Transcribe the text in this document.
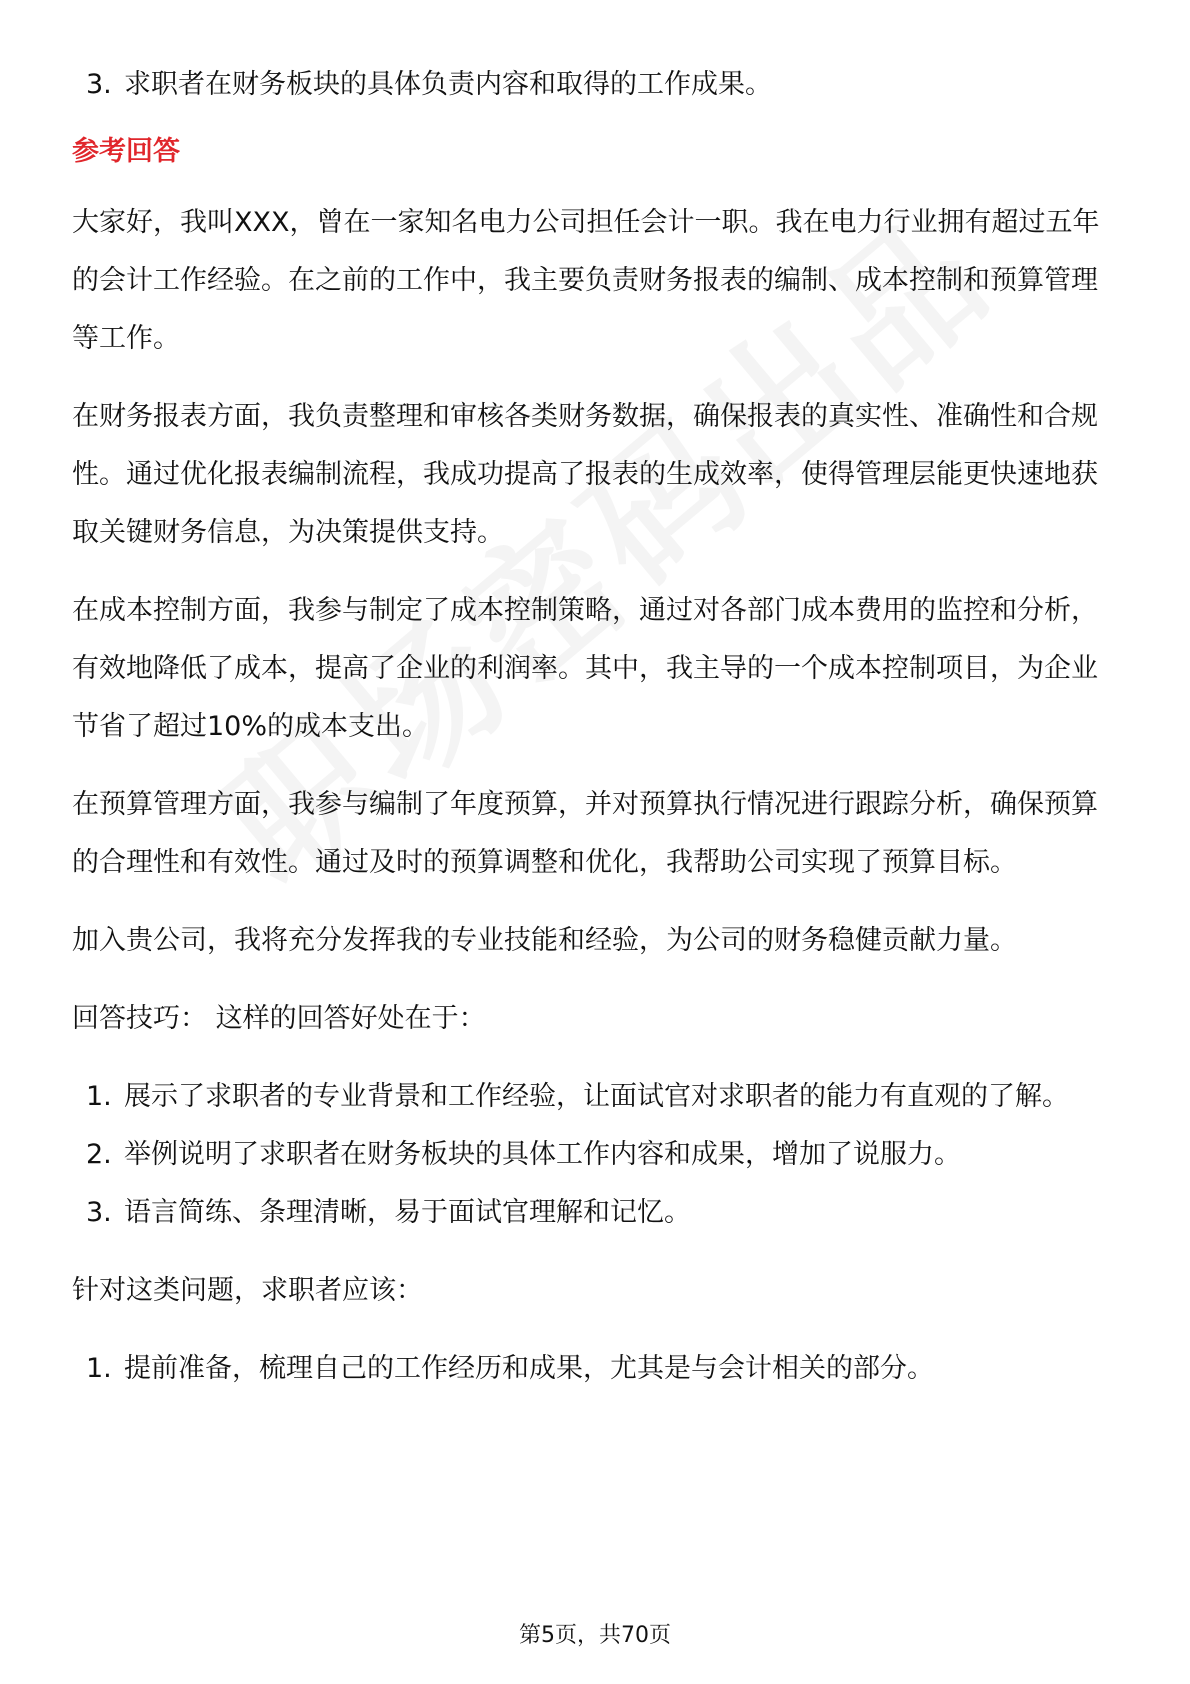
3. 求职者在财务板块的具体负责内容和取得的工作成果。
参考回答

大家好，我叫XXX，曾在一家知名电力公司担任会计一职。我在电力行业拥有超过五年的会计工作经验。在之前的工作中，我主要负责财务报表的编制、成本控制和预算管理等工作。

在财务报表方面，我负责整理和审核各类财务数据，确保报表的真实性、准确性和合规性。通过优化报表编制流程，我成功提高了报表的生成效率，使得管理层能更快速地获取关键财务信息，为决策提供支持。

在成本控制方面，我参与制定了成本控制策略，通过对各部门成本费用的监控和分析，有效地降低了成本，提高了企业的利润率。其中，我主导的一个成本控制项目，为企业节省了超过10%的成本支出。

在预算管理方面，我参与编制了年度预算，并对预算执行情况进行跟踪分析，确保预算的合理性和有效性。通过及时的预算调整和优化，我帮助公司实现了预算目标。

加入贵公司，我将充分发挥我的专业技能和经验，为公司的财务稳健贡献力量。

回答技巧： 这样的回答好处在于：

1. 展示了求职者的专业背景和工作经验，让面试官对求职者的能力有直观的了解。
2. 举例说明了求职者在财务板块的具体工作内容和成果，增加了说服力。
3. 语言简练、条理清晰，易于面试官理解和记忆。

针对这类问题，求职者应该：

1. 提前准备，梳理自己的工作经历和成果，尤其是与会计相关的部分。
第5页，共70页
